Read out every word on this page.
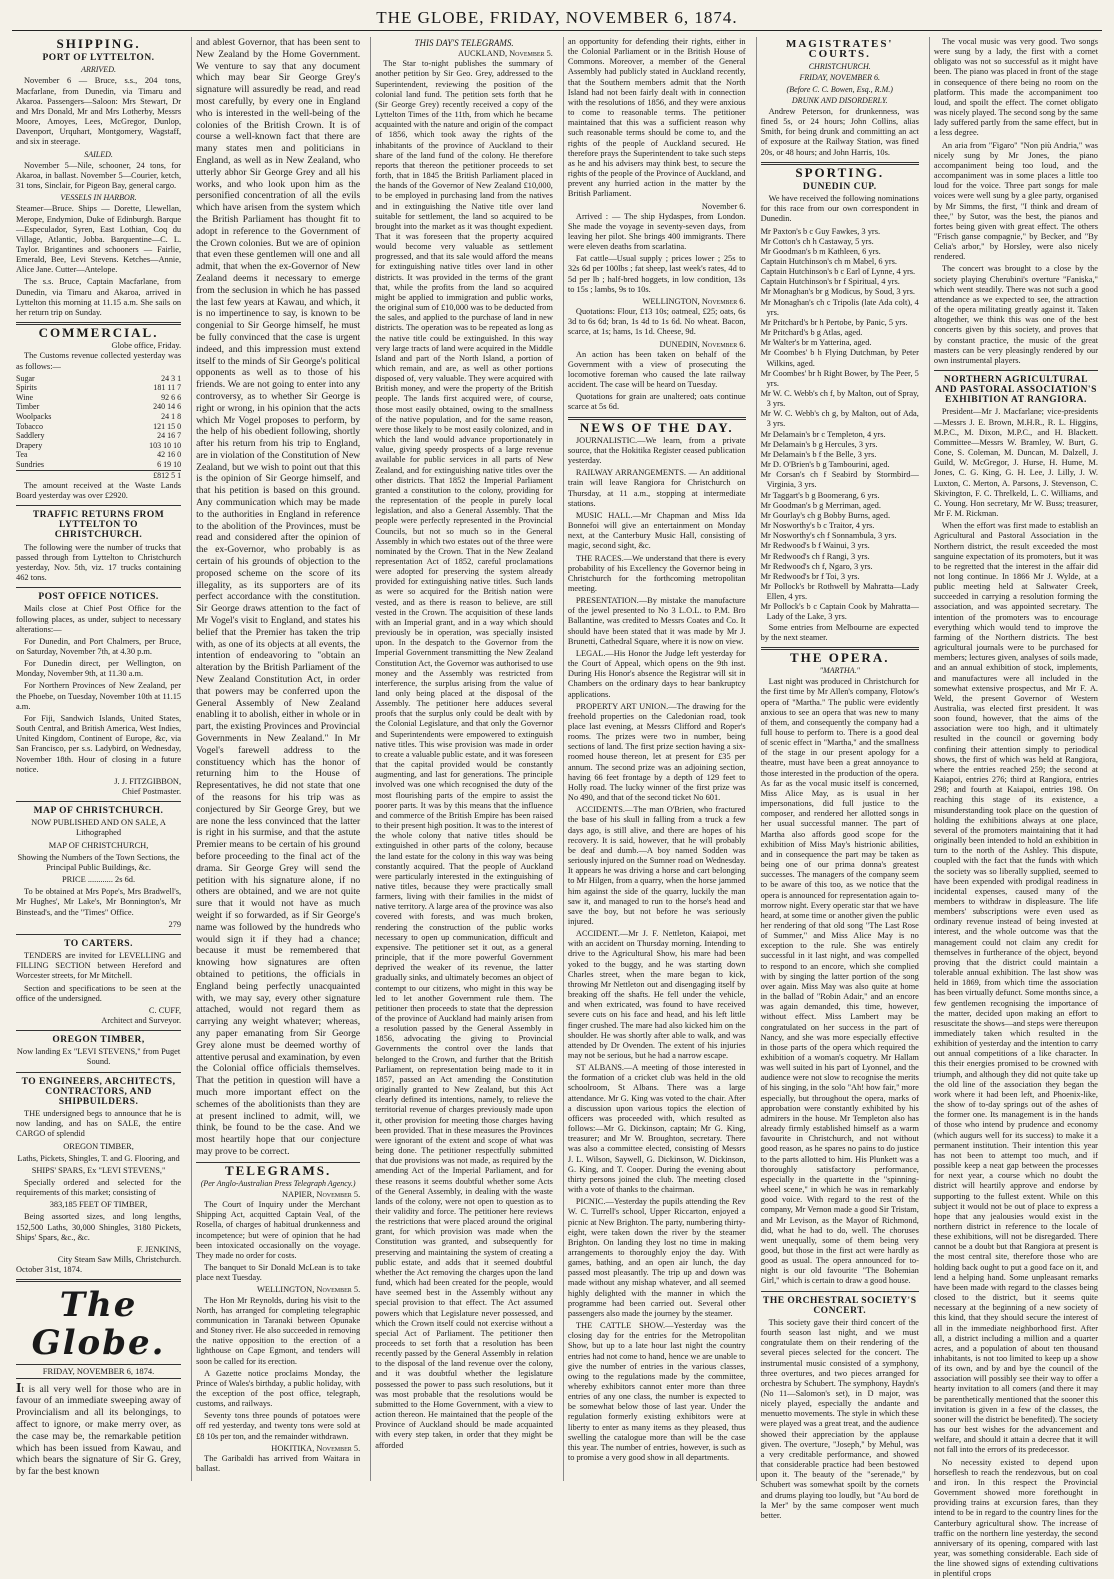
THE GLOBE, FRIDAY, NOVEMBER 6, 1874.
SHIPPING.
PORT OF LYTTELTON.
ARRIVED.

November 6 — Bruce, s.s., 204 tons, Macfarlane, from Dunedin, via Timaru and Akaroa. Passengers—Saloon: Mrs Stewart, Dr and Mrs Donald, Mr and Mrs Lotherby, Messrs Moore, Amoyes, Lees, McGregor, Dunlop, Davenport, Urquhart, Montgomery, Wagstaff, and six in steerage.

SAILED.

November 5—Nile, schooner, 24 tons, for Akaroa, in ballast. November 5—Courier, ketch, 31 tons, Sinclair, for Pigeon Bay, general cargo.

VESSELS IN HARBOR.

Steamer—Bruce. Ships — Dorette, Llewellan, Merope, Endymion, Duke of Edinburgh. Barque—Especulador, Syren, East Lothian, Coq du Village, Atlantic, Jobba. Barquentine—C. L. Taylor. Brigantines and schooners — Fairlie, Emerald, Bee, Levi Stevens. Ketches—Annie, Alice Jane. Cutter—Antelope.

The s.s. Bruce, Captain Macfarlane, from Dunedin, via Timaru and Akaroa, arrived in Lyttelton this morning at 11.15 a.m. She sails on her return trip on Sunday.

COMMERCIAL.
Globe office, Friday.

The Customs revenue collected yesterday was as follows:—

Sugar	24 3 1
Spirits	181 11 7
Wine	92 6 6
Timber	240 14 6
Woolpacks	24 1 8
Tobacco	121 15 0
Saddlery	24 16 7
Drapery	103 10 10
Tea	42 16 0
Sundries	6 19 10
£812 5 1

The amount received at the Waste Lands Board yesterday was over £2920.

TRAFFIC RETURNS FROM LYTTELTON TO CHRISTCHURCH.

The following were the number of trucks that passed through from Lyttelton to Christchurch yesterday, Nov. 5th, viz. 17 trucks containing 462 tons.

POST OFFICE NOTICES.

Mails close at Chief Post Office for the following places, as under, subject to necessary alterations:—

For Dunedin, and Port Chalmers, per Bruce, on Saturday, November 7th, at 4.30 p.m.

For Dunedin direct, per Wellington, on Monday, November 9th, at 11.30 a.m.

For Northern Provinces of New Zealand, per the Phoebe, on Tuesday, November 10th at 11.15 a.m.

For Fiji, Sandwich Islands, United States, South Central, and British America, West Indies, United Kingdom, Continent of Europe, &c, via San Francisco, per s.s. Ladybird, on Wednesday, November 18th. Hour of closing in a future notice.

J. J. FITZGIBBON,
Chief Postmaster.
MAP OF CHRISTCHURCH.

NOW PUBLISHED AND ON SALE, A Lithographed

MAP OF CHRISTCHURCH,

Showing the Numbers of the Town Sections, the Principal Public Buildings, &c.

PRICE ............ 2s 6d.

To be obtained at Mrs Pope's, Mrs Bradwell's, Mr Hughes', Mr Lake's, Mr Bonnington's, Mr Binstead's, and the "Times" Office.

279
TO CARTERS.

TENDERS are invited for LEVELLING and FILLING SECTION between Hereford and Worcester streets, for Mr Mitchell.

Section and specifications to be seen at the office of the undersigned.

C. CUFF,
Architect and Surveyor.
OREGON TIMBER,

Now landing Ex "LEVI STEVENS," from Puget Sound.

TO ENGINEERS, ARCHITECTS, CONTRACTORS, AND SHIPBUILDERS.

THE undersigned begs to announce that he is now landing, and has on SALE, the entire CARGO of splendid

OREGON TIMBER,

Laths, Pickets, Shingles, T. and G. Flooring, and

SHIPS' SPARS, Ex "LEVI STEVENS,"

Specially ordered and selected for the requirements of this market; consisting of

383,185 FEET OF TIMBER,

Being assorted sizes, and long lengths, 152,500 Laths, 30,000 Shingles, 3180 Pickets, Ships' Spars, &c., &c.

F. JENKINS,
City Steam Saw Mills, Christchurch.

October 31st, 1874.

The Globe.
FRIDAY, NOVEMBER 6, 1874.

It is all very well for those who are in favour of an immediate sweeping away of Provincialism and all its belongings, to affect to ignore, or make merry over, as the case may be, the remarkable petition which has been issued from Kawau, and which bears the signature of Sir G. Grey, by far the best known

and ablest Governor, that has been sent to New Zealand by the Home Government. We venture to say that any document which may bear Sir George Grey's signature will assuredly be read, and read most carefully, by every one in England who is interested in the well-being of the colonies of the British Crown. It is of course a well-known fact that there are many states men and politicians in England, as well as in New Zealand, who utterly abhor Sir George Grey and all his works, and who look upon him as the personified concentration of all the evils which have arisen from the system which the British Parliament has thought fit to adopt in reference to the Government of the Crown colonies. But we are of opinion that even these gentlemen will one and all admit, that when the ex-Governor of New Zealand deems it necessary to emerge from the seclusion in which he has passed the last few years at Kawau, and which, it is no impertinence to say, is known to be congenial to Sir George himself, he must be fully convinced that the case is urgent indeed, and this impression must extend itself to the minds of Sir George's political opponents as well as to those of his friends. We are not going to enter into any controversy, as to whether Sir George is right or wrong, in his opinion that the acts which Mr Vogel proposes to perform, by the help of his obedient following, shortly after his return from his trip to England, are in violation of the Constitution of New Zealand, but we wish to point out that this is the opinion of Sir George himself, and that his petition is based on this ground. Any communication which may be made to the authorities in England in reference to the abolition of the Provinces, must be read and considered after the opinion of the ex-Governor, who probably is as certain of his grounds of objection to the proposed scheme on the score of its illegality, as its supporters are of its perfect accordance with the constitution. Sir George draws attention to the fact of Mr Vogel's visit to England, and states his belief that the Premier has taken the trip with, as one of its objects at all events, the intention of endeavoring to "obtain an alteration by the British Parliament of the New Zealand Constitution Act, in order that powers may be conferred upon the General Assembly of New Zealand enabling it to abolish, either in whole or in part, the existing Provinces and Provincial Governments in New Zealand." In Mr Vogel's farewell address to the constituency which has the honor of returning him to the House of Representatives, he did not state that one of the reasons for his trip was as conjectured by Sir George Grey, but we are none the less convinced that the latter is right in his surmise, and that the astute Premier means to be certain of his ground before proceeding to the final act of the drama. Sir George Grey will send the petition with his signature alone, if no others are obtained, and we are not quite sure that it would not have as much weight if so forwarded, as if Sir George's name was followed by the hundreds who would sign it if they had a chance; because it must be remembered that knowing how signatures are often obtained to petitions, the officials in England being perfectly unacquainted with, we may say, every other signature attached, would not regard them as carrying any weight whatever; whereas, any paper emanating from Sir George Grey alone must be deemed worthy of attentive perusal and examination, by even the Colonial office officials themselves. That the petition in question will have a much more important effect on the schemes of the abolitionists than they are at present inclined to admit, will, we think, be found to be the case. And we most heartily hope that our conjecture may prove to be correct.

TELEGRAMS.
(Per Anglo-Australian Press Telegraph Agency.)
NAPIER, November 5.

The Court of Inquiry under the Merchant Shipping Act, acquitted Captain Veal, of the Rosella, of charges of habitual drunkenness and incompetence; but were of opinion that he had been intoxicated occasionally on the voyage. They made no order for costs.

The banquet to Sir Donald McLean is to take place next Tuesday.

WELLINGTON, November 5.

The Hon Mr Reynolds, during his visit to the North, has arranged for completing telegraphic communication in Taranaki between Opunake and Stoney river. He also succeeded in removing the native opposition to the erection of a lighthouse on Cape Egmont, and tenders will soon be called for its erection.

A Gazette notice proclaims Monday, the Prince of Wales's birthday, a public holiday, with the exception of the post office, telegraph, customs, and railways.

Seventy tons three pounds of potatoes were off red yesterday, and twenty tons were sold at £8 10s per ton, and the remainder withdrawn.

HOKITIKA, November 5.

The Garibaldi has arrived from Waitara in ballast.

THIS DAY'S TELEGRAMS.
AUCKLAND, November 5.

The Star to-night publishes the summary of another petition by Sir Geo. Grey, addressed to the Superintendent, reviewing the position of the colonial land fund. The petition sets forth that he (Sir George Grey) recently received a copy of the Lyttelton Times of the 11th, from which he became acquainted with the nature and origin of the compact of 1856, which took away the rights of the inhabitants of the province of Auckland to their share of the land fund of the colony. He therefore reports that thereon the petitioner proceeds to set forth, that in 1845 the British Parliament placed in the hands of the Governor of New Zealand £10,000, to be employed in purchasing land from the natives and in extinguishing the Native title over land suitable for settlement, the land so acquired to be brought into the market as it was thought expedient. That it was foreseen that the property acquired would become very valuable as settlement progressed, and that its sale would afford the means for extinguishing native titles over land in other districts. It was provided in the terms of the grant that, while the profits from the land so acquired might be applied to immigration and public works, the original sum of £10,000 was to be deducted from the sales, and applied to the purchase of land in new districts. The operation was to be repeated as long as the native title could be extinguished. In this way very large tracts of land were acquired in the Middle Island and part of the North Island, a portion of which remain, and are, as well as other portions disposed of, very valuable. They were acquired with British money, and were the property of the British people. The lands first acquired were, of course, those most easily obtained, owing to the smallness of the native population, and for the same reason, were those likely to be most easily colonized, and in which the land would advance proportionately in value, giving speedy prospects of a large revenue available for public services in all parts of New Zealand, and for extinguishing native titles over the other districts. That 1852 the Imperial Parliament granted a constitution to the colony, providing for the representation of the people in purely local legislation, and also a General Assembly. That the people were perfectly represented in the Provincial Councils, but not so much so in the General Assembly in which two estates out of the three were nominated by the Crown. That in the New Zealand representation Act of 1852, careful proclamations were adopted for preserving the system already provided for extinguishing native titles. Such lands as were so acquired for the British nation were vested, and as there is reason to believe, are still vested in the Crown. The acquisition of these lands with an Imperial grant, and in a way which should previously be in operation, was specially insisted upon. In the despatch to the Governor from the Imperial Government transmitting the New Zealand Constitution Act, the Governor was authorised to use money and the Assembly was restricted from interference, the surplus arising from the value of land only being placed at the disposal of the Assembly. The petitioner here adduces several proofs that the surplus only could be dealt with by the Colonial Legislature, and that only the Governor and Superintendents were empowered to extinguish native titles. This wise provision was made in order to create a valuable public estate, and it was foreseen that the capital provided would be constantly augmenting, and last for generations. The principle involved was one which recognised the duty of the most flourishing parts of the empire to assist the poorer parts. It was by this means that the influence and commerce of the British Empire has been raised to their present high position. It was to the interest of the whole colony that native titles should be extinguished in other parts of the colony, because the land estate for the colony in this way was being constantly acquired. That the people of Auckland were particularly interested in the extinguishing of native titles, because they were practically small farmers, living with their families in the midst of native territory. A large area of the province was also covered with forests, and was much broken, rendering the construction of the public works necessary to open up communication, difficult and expensive. The petitioner set it out, as a general principle, that if the more powerful Government deprived the weaker of its revenue, the latter gradually sinks, and ultimately becomes an object of contempt to our citizens, who might in this way be led to let another Government rule them. The petitioner then proceeds to state that the depression of the province of Auckland had mainly arisen from a resolution passed by the General Assembly in 1856, advocating the giving to Provincial Governments the control over the lands that belonged to the Crown, and further that the British Parliament, on representation being made to it in 1857, passed an Act amending the Constitution originally granted to New Zealand, but this Act clearly defined its intentions, namely, to relieve the territorial revenue of charges previously made upon it, other provision for meeting those charges having been provided. That in these measures the Provinces were ignorant of the extent and scope of what was being done. The petitioner respectfully submitted that due provisions was not made, as required by the amending Act of the Imperial Parliament, and for these reasons it seems doubtful whether some Acts of the General Assembly, in dealing with the waste lands of the colony, were not open to question as to their validity and force. The petitioner here reviews the restrictions that were placed around the original grant, for which provision was made when the Constitution was granted, and subsequently for preserving and maintaining the system of creating a public estate, and adds that it seemed doubtful whether the Act removing the charges upon the land fund, which had been created for the people, would have seemed best in the Assembly without any special provision to that effect. The Act assumed powers which that Legislature never possessed, and which the Crown itself could not exercise without a special Act of Parliament. The petitioner then proceeds to set forth that a resolution has been recently passed by the General Assembly in relation to the disposal of the land revenue over the colony, and it was doubtful whether the legislature possessed the power to pass such resolutions, but it was most probable that the resolutions would be submitted to the Home Government, with a view to action thereon. He maintained that the people of the Province of Auckland should be made acquainted with every step taken, in order that they might be afforded

an opportunity for defending their rights, either in the Colonial Parliament or in the British House of Commons. Moreover, a member of the General Assembly had publicly stated in Auckland recently, that the Southern members admit that the North Island had not been fairly dealt with in connection with the resolutions of 1856, and they were anxious to come to reasonable terms. The petitioner maintained that this was a sufficient reason why such reasonable terms should be come to, and the rights of the people of Auckland secured. He therefore prays the Superintendent to take such steps as he and his advisers may think best, to secure the rights of the people of the Province of Auckland, and prevent any hurried action in the matter by the British Parliament.

November 6.

Arrived : — The ship Hydaspes, from London. She made the voyage in seventy-seven days, from leaving her pilot. She brings 400 immigrants. There were eleven deaths from scarlatina.

Fat cattle—Usual supply ; prices lower ; 25s to 32s 6d per 100lbs ; fat sheep, last week's rates, 4d to 5d per lb ; half-bred hoggets, in low condition, 13s to 15s ; lambs, 9s to 10s.

WELLINGTON, November 6.

Quotations: Flour, £13 10s; oatmeal, £25; oats, 6s 3d to 6s 6d; bran, 1s 4d to 1s 6d. No wheat. Bacon, scarce, at 1s; hams, 1s 1d. Cheese, 9d.

DUNEDIN, November 6.

An action has been taken on behalf of the Government with a view of prosecuting the locomotive foreman who caused the late railway accident. The case will be heard on Tuesday.

Quotations for grain are unaltered; oats continue scarce at 5s 6d.

NEWS OF THE DAY.

JOURNALISTIC.—We learn, from a private source, that the Hokitika Register ceased publication yesterday.

RAILWAY ARRANGEMENTS. — An additional train will leave Rangiora for Christchurch on Thursday, at 11 a.m., stopping at intermediate stations.

MUSIC HALL.—Mr Chapman and Miss Ida Bonnefoi will give an entertainment on Monday next, at the Canterbury Music Hall, consisting of magic, second sight, &c.

THE RACES.—We understand that there is every probability of his Excellency the Governor being in Christchurch for the forthcoming metropolitan meeting.

PRESENTATION.—By mistake the manufacture of the jewel presented to No 3 L.O.L. to P.M. Bro Ballantine, was credited to Messrs Coates and Co. It should have been stated that it was made by Mr J. Brunetti, Cathedral Square, where it is now on view.

LEGAL.—His Honor the Judge left yesterday for the Court of Appeal, which opens on the 9th inst. During His Honor's absence the Registrar will sit in Chambers on the ordinary days to hear bankruptcy applications.

PROPERTY ART UNION.—The drawing for the freehold properties on the Caledonian road, took place last evening, at Messrs Clifford and Roper's rooms. The prizes were two in number, being sections of land. The first prize section having a six-roomed house thereon, let at present for £35 per annum. The second prize was an adjoining section, having 66 feet frontage by a depth of 129 feet to Holly road. The lucky winner of the first prize was No 490, and that of the second ticket No 601.

ACCIDENTS.—The man O'Brien, who fractured the base of his skull in falling from a truck a few days ago, is still alive, and there are hopes of his recovery. It is said, however, that he will probably be deaf and dumb.—A boy named Sodden was seriously injured on the Sumner road on Wednesday. It appears he was driving a horse and cart belonging to Mr Hilgen, from a quarry, when the horse jammed him against the side of the quarry, luckily the man saw it, and managed to run to the horse's head and save the boy, but not before he was seriously injured.

ACCIDENT.—Mr J. F. Nettleton, Kaiapoi, met with an accident on Thursday morning. Intending to drive to the Agricultural Show, his mare had been yoked to the buggy, and he was starting down Charles street, when the mare began to kick, throwing Mr Nettleton out and disengaging itself by breaking off the shafts. He fell under the vehicle, and when extricated, was found to have received severe cuts on his face and head, and his left little finger crushed. The mare had also kicked him on the shoulder. He was shortly after able to walk, and was attended by Dr Ovenden. The extent of his injuries may not be serious, but he had a narrow escape.

ST ALBANS.—A meeting of those interested in the formation of a cricket club was held in the old schoolroom, St Albans. There was a large attendance. Mr G. King was voted to the chair. After a discussion upon various topics the election of officers was proceeded with, which resulted as follows:—Mr G. Dickinson, captain; Mr G. King, treasurer; and Mr W. Broughton, secretary. There was also a committee elected, consisting of Messrs J. L. Wilson, Saywell, G. Dickinson, W. Dickinson, G. King, and T. Cooper. During the evening about thirty persons joined the club. The meeting closed with a vote of thanks to the chairman.

PICNIC.—Yesterday the pupils attending the Rev W. C. Turrell's school, Upper Riccarton, enjoyed a picnic at New Brighton. The party, numbering thirty-eight, were taken down the river by the steamer Brighton. On landing they lost no time in making arrangements to thoroughly enjoy the day. With games, bathing, and an open air lunch, the day passed most pleasantly. The trip up and down was made without any mishap whatever, and all seemed highly delighted with the manner in which the programme had been carried out. Several other passengers also made the journey by the steamer.

THE CATTLE SHOW.—Yesterday was the closing day for the entries for the Metropolitan Show, but up to a late hour last night the country entries had not come to hand, hence we are unable to give the number of entries in the various classes, owing to the regulations made by the committee, whereby exhibitors cannot enter more than three entries of any one class, the number is expected to be somewhat below those of last year. Under the regulation formerly existing exhibitors were at liberty to enter as many items as they pleased, thus swelling the catalogue more than will be the case this year. The number of entries, however, is such as to promise a very good show in all departments.

MAGISTRATES' COURTS.
CHRISTCHURCH.
FRIDAY, NOVEMBER 6.
(Before C. C. Bowen, Esq., R.M.)
DRUNK AND DISORDERLY.

Andrew Peterson, for drunkenness, was fined 5s, or 24 hours; John Collins, alias Smith, for being drunk and committing an act of exposure at the Railway Station, was fined 20s, or 48 hours; and John Harris, 10s.

SPORTING.
DUNEDIN CUP.

We have received the following nominations for this race from our own correspondent in Dunedin.

Mr Paxton's b c Guy Fawkes, 3 yrs.
Mr Cotton's ch h Castaway, 5 yrs.
Mr Goodman's b m Kathleen, 6 yrs.
Captain Hutchinson's ch m Mabel, 6 yrs.
Captain Hutchinson's b c Earl of Lynne, 4 yrs.
Captain Hutchinson's br f Spiritual, 4 yrs.
Mr Monaghan's br g Modicus, by Soud, 3 yrs.
Mr Monaghan's ch c Tripolis (late Ada colt), 4 yrs.
Mr Pritchard's br h Pertobe, by Panic, 5 yrs.
Mr Pritchard's b g Atlas, aged.
Mr Walter's br m Yatterina, aged.
Mr Coombes' b h Flying Dutchman, by Peter Wilkins, aged.
Mr Coombes' br h Right Bower, by The Peer, 5 yrs.
Mr W. C. Webb's ch f, by Malton, out of Spray, 3 yrs.
Mr W. C. Webb's ch g, by Malton, out of Ada, 3 yrs.
Mr Delamain's br c Templeton, 4 yrs.
Mr Delamain's b g Hercules, 3 yrs.
Mr Delamain's b f the Belle, 3 yrs.
Mr D. O'Brien's b g Tambourini, aged.
Mr Corsan's ch f Seabird by Stormbird—Virginia, 3 yrs.
Mr Taggart's b g Boomerang, 6 yrs.
Mr Goodman's b g Merriman, aged.
Mr Gourlay's ch g Bobby Burns, aged.
Mr Nosworthy's b c Traitor, 4 yrs.
Mr Nosworthy's ch f Sonnambula, 3 yrs.
Mr Redwood's b f Wainui, 3 yrs.
Mr Redwood's ch f Rangi, 3 yrs.
Mr Redwood's ch f, Ngaro, 3 yrs.
Mr Redwood's br f Toi, 3 yrs.
Mr Pollock's br Rothwell by Mahratta—Lady Ellen, 4 yrs.
Mr Pollock's b c Captain Cook by Mahratta—Lady of the Lake, 3 yrs.

Some entries from Melbourne are expected by the next steamer.

THE OPERA.
"MARTHA."

Last night was produced in Christchurch for the first time by Mr Allen's company, Flotow's opera of "Martha." The public were evidently anxious to see an opera that was new to many of them, and consequently the company had a full house to perform to. There is a good deal of scenic effect in "Martha," and the smallness of the stage in our present apology for a theatre, must have been a great annoyance to those interested in the production of the opera. As far as the vocal music itself is concerned, Miss Alice May, as is usual in her impersonations, did full justice to the composer, and rendered her allotted songs in her usual successful manner. The part of Martha also affords good scope for the exhibition of Miss May's histrionic abilities, and in consequence the part may be taken as being one of our prima donna's greatest successes. The managers of the company seem to be aware of this too, as we notice that the opera is announced for representation again to-morrow night. Every operatic star that we have heard, at some time or another given the public her rendering of that old song "The Last Rose of Summer," and Miss Alice May is no exception to the rule. She was entirely successful in it last night, and was compelled to respond to an encore, which she complied with by singing the latter portion of the song over again. Miss May was also quite at home in the ballad of "Robin Adair," and an encore was again demanded, this time, however, without effect. Miss Lambert may be congratulated on her success in the part of Nancy, and she was more especially effective in those parts of the opera which required the exhibition of a woman's coquetry. Mr Hallam was well suited in his part of Lyonnel, and the audience were not slow to recognise the merits of his singing, in the solo "Ah! how fair," more especially, but throughout the opera, marks of approbation were constantly exhibited by his admirers in the house. Mr Templeton also has already firmly established himself as a warm favourite in Christchurch, and not without good reason, as he spares no pains to do justice to the parts allotted to him. His Plunkett was a thoroughly satisfactory performance, especially in the quartette in the "spinning-wheel scene," in which he was in remarkably good voice. With regard to the rest of the company, Mr Vernon made a good Sir Tristam, and Mr Levison, as the Mayor of Richmond, did, what he had to do, well. The choruses went unequally, some of them being very good, but those in the first act were hardly as good as usual. The opera announced for to-night is our old favourite "The Bohemian Girl," which is certain to draw a good house.

THE ORCHESTRAL SOCIETY'S CONCERT.

This society gave their third concert of the fourth season last night, and we must congratulate them on their rendering of the several pieces selected for the concert. The instrumental music consisted of a symphony, three overtures, and two pieces arranged for orchestra by Schubert. The symphony, Haydn's (No 11—Salomon's set), in D major, was nicely played, especially the andante and menuetto movements. The style in which these were played was a great treat, and the audience showed their appreciation by the applause given. The overture, "Joseph," by Mehul, was a very creditable performance, and showed that considerable practice had been bestowed upon it. The beauty of the "serenade," by Schubert was somewhat spoilt by the cornets and drums playing too loudly, but "Au bord de la Mer" by the same composer went much better.

The vocal music was very good. Two songs were sung by a lady, the first with a cornet obligato was not so successful as it might have been. The piano was placed in front of the stage in consequence of there being no room on the platform. This made the accompaniment too loud, and spoilt the effect. The cornet obligato was nicely played. The second song by the same lady suffered partly from the same effect, but in a less degree.

An aria from "Figaro" "Non più Andria," was nicely sung by Mr Jones, the piano accompaniment being too loud, and the accompaniment was in some places a little too loud for the voice. Three part songs for male voices were well sung by a glee party, organised by Mr Simms, the first, "I think and dream of thee," by Sutor, was the best, the pianos and fortes being given with great effect. The others "Frisch ganse compagnie," by Becker, and "By Celia's arbor," by Horsley, were also nicely rendered.

The concert was brought to a close by the society playing Cherubini's overture "Faniska," which went steadily. There was not such a good attendance as we expected to see, the attraction of the opera militating greatly against it. Taken altogether, we think this was one of the best concerts given by this society, and proves that by constant practice, the music of the great masters can be very pleasingly rendered by our own instrumental players.

NORTHERN AGRICULTURAL AND PASTORAL ASSOCIATION'S EXHIBITION AT RANGIORA.

President—Mr J. Macfarlane; vice-presidents—Messrs J. E. Brown, M.H.R., R. L. Higgins, M.P.C., M. Dixon, M.P.C., and H. Blackett. Committee—Messrs W. Bramley, W. Burt, G. Cone, S. Coleman, M. Duncan, M. Dalzell, J. Guild, W. McGregor, J. Hurse, H. Hume, M. Jones, C. G. King, G. H. Lee, J. Lilly, J. W. Luxton, C. Merton, A. Parsons, J. Stevenson, C. Skivington, F. C. Threlkeld, L. C. Williams, and C. Young. Hon secretary, Mr W. Buss; treasurer, Mr F. M. Rickman.

When the effort was first made to establish an Agricultural and Pastoral Association in the Northern district, the result exceeded the most sanguine expectation of its promoters, but it was to be regretted that the interest in the affair did not long continue. In 1866 Mr J. Wylde, at a public meeting held at Saltwater Creek, succeeded in carrying a resolution forming the association, and was appointed secretary. The intention of the promoters was to encourage everything which would tend to improve the farming of the Northern districts. The best agricultural journals were to be purchased for members; lectures given, analyses of soils made, and an annual exhibition of stock, implements, and manufactures were all included in the somewhat extensive prospectus, and Mr F. A. Weld, the present Governor of Western Australia, was elected first president. It was soon found, however, that the aims of the association were too high, and it ultimately resulted in the council or governing body confining their attention simply to periodical shows, the first of which was held at Rangiora, where the entries reached 259; the second at Kaiapoi, entries 276; third at Rangiora, entries 298; and fourth at Kaiapoi, entries 198. On reaching this stage of its existence, a misunderstanding took place on the question of holding the exhibitions always at one place, several of the promoters maintaining that it had originally been intended to hold an exhibition in turn to the north of the Ashley. This dispute, coupled with the fact that the funds with which the society was so liberally supplied, seemed to have been expended with prodigal readiness in incidental expenses, caused many of the members to withdraw in displeasure. The life members' subscriptions were even used as ordinary revenue instead of being invested at interest, and the whole outcome was that the management could not claim any credit for themselves in furtherance of the object, beyond proving that the district could maintain a tolerable annual exhibition. The last show was held in 1869, from which time the association has been virtually defunct. Some months since, a few gentlemen recognising the importance of the matter, decided upon making an effort to resuscitate the shows—and steps were thereupon immediately taken which resulted in the exhibition of yesterday and the intention to carry out annual competitions of a like character. In this their energies promised to be crowned with triumph, and although they did not quite take up the old line of the association they began the work where it had been left, and Phoenix-like, the show of to-day springs out of the ashes of the former one. Its management is in the hands of those who intend by prudence and economy (which augurs well for its success) to make it a permanent institution. Their intention this year has not been to attempt too much, and if possible keep a neat gap between the processes for next year, a course which no doubt the district will heartily approve and endorse by supporting to the fullest extent. While on this subject it would not be out of place to express a hope that any jealousies would exist in the northern district in reference to the locale of these exhibitions, will not be disregarded. There cannot be a doubt but that Rangiora at present is the most central site, therefore those who are holding back ought to put a good face on it, and lend a helping hand. Some unpleasant remarks have been made with regard to the classes being closed to the district, but it seems quite necessary at the beginning of a new society of this kind, that they should secure the interest of all in the immediate neighborhood first. After all, a district including a million and a quarter acres, and a population of about ten thousand inhabitants, is not too limited to keep up a show of its own, and by and bye the council of the association will possibly see their way to offer a hearty invitation to all comers (and there it may be parenthetically mentioned that the sooner this invitation is given in a few of the classes, the sooner will the district be benefited). The society has our best wishes for the advancement and welfare, and should it attain a decree that it will not fall into the errors of its predecessor.

No necessity existed to depend upon horseflesh to reach the rendezvous, but on coal and iron. In this respect the Provincial Government showed more forethought in providing trains at excursion fares, than they intend to be in regard to the country lines for the Canterbury agricultural show. The increase of traffic on the northern line yesterday, the second anniversary of its opening, compared with last year, was something considerable. Each side of the line showed signs of extending cultivations in plentiful crops
